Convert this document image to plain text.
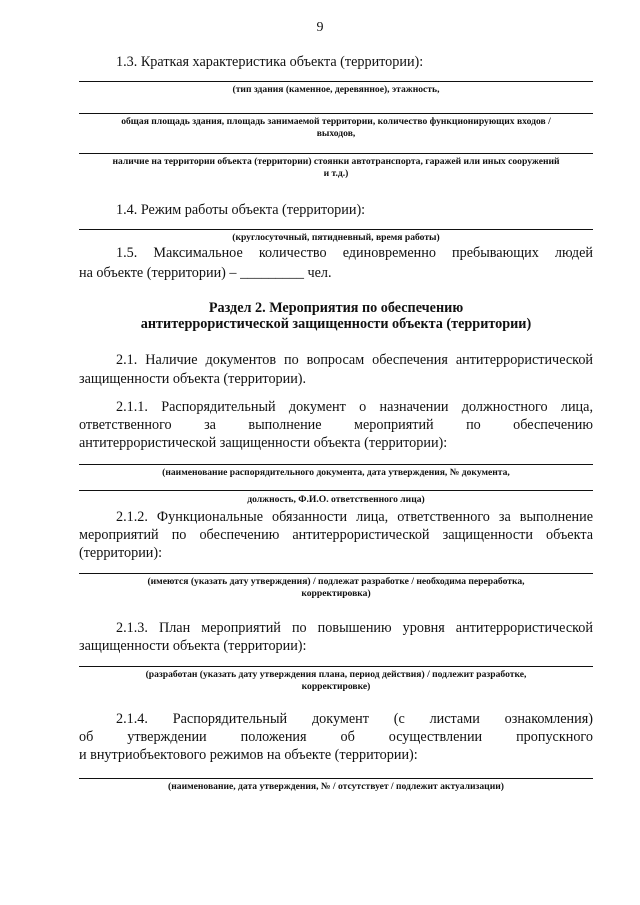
9
1.3. Краткая характеристика объекта (территории):
(тип здания (каменное, деревянное), этажность,
общая площадь здания, площадь занимаемой территории, количество функционирующих входов /
выходов,
наличие на территории объекта (территории) стоянки автотранспорта, гаражей или иных сооружений
и т.д.)
1.4. Режим работы объекта (территории):
(круглосуточный, пятидневный, время работы)
1.5. Максимальное количество единовременно пребывающих людей
на объекте (территории) – _________ чел.
Раздел 2. Мероприятия по обеспечению
антитеррористической защищенности объекта (территории)
2.1. Наличие документов по вопросам обеспечения антитеррористической
защищенности объекта (территории).
2.1.1. Распорядительный документ о назначении должностного лица,
ответственного за выполнение мероприятий по обеспечению
антитеррористической защищенности объекта (территории):
(наименование распорядительного документа, дата утверждения, № документа,
должность, Ф.И.О. ответственного лица)
2.1.2. Функциональные обязанности лица, ответственного за выполнение
мероприятий по обеспечению антитеррористической защищенности объекта
(территории):
(имеются (указать дату утверждения) / подлежат разработке / необходима переработка,
корректировка)
2.1.3. План мероприятий по повышению уровня антитеррористической
защищенности объекта (территории):
(разработан (указать дату утверждения плана, период действия) / подлежит разработке,
корректировке)
2.1.4. Распорядительный документ (с листами ознакомления)
об утверждении положения об осуществлении пропускного
и внутриобъектового режимов на объекте (территории):
(наименование, дата утверждения, № / отсутствует / подлежит актуализации)
